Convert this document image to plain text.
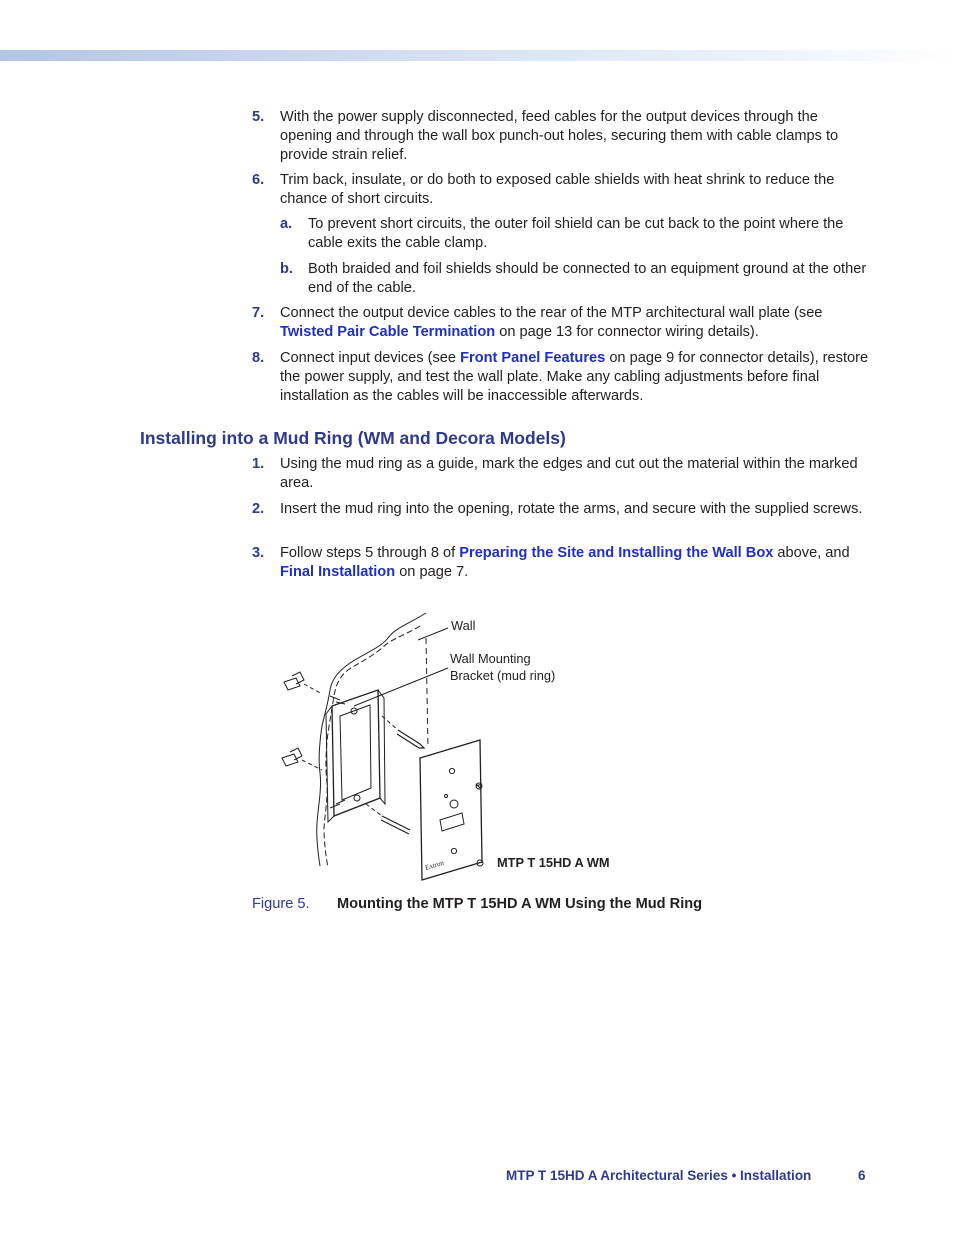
5. With the power supply disconnected, feed cables for the output devices through the opening and through the wall box punch-out holes, securing them with cable clamps to provide strain relief.
6. Trim back, insulate, or do both to exposed cable shields with heat shrink to reduce the chance of short circuits.
a. To prevent short circuits, the outer foil shield can be cut back to the point where the cable exits the cable clamp.
b. Both braided and foil shields should be connected to an equipment ground at the other end of the cable.
7. Connect the output device cables to the rear of the MTP architectural wall plate (see Twisted Pair Cable Termination on page 13 for connector wiring details).
8. Connect input devices (see Front Panel Features on page 9 for connector details), restore the power supply, and test the wall plate. Make any cabling adjustments before final installation as the cables will be inaccessible afterwards.
Installing into a Mud Ring (WM and Decora Models)
1. Using the mud ring as a guide, mark the edges and cut out the material within the marked area.
2. Insert the mud ring into the opening, rotate the arms, and secure with the supplied screws.
3. Follow steps 5 through 8 of Preparing the Site and Installing the Wall Box above, and Final Installation on page 7.
Extron
Wall
Wall Mounting
Bracket (mud ring)
MTP T 15HD A WM
Figure 5. Mounting the MTP T 15HD A WM Using the Mud Ring
MTP T 15HD A Architectural Series • Installation	6
